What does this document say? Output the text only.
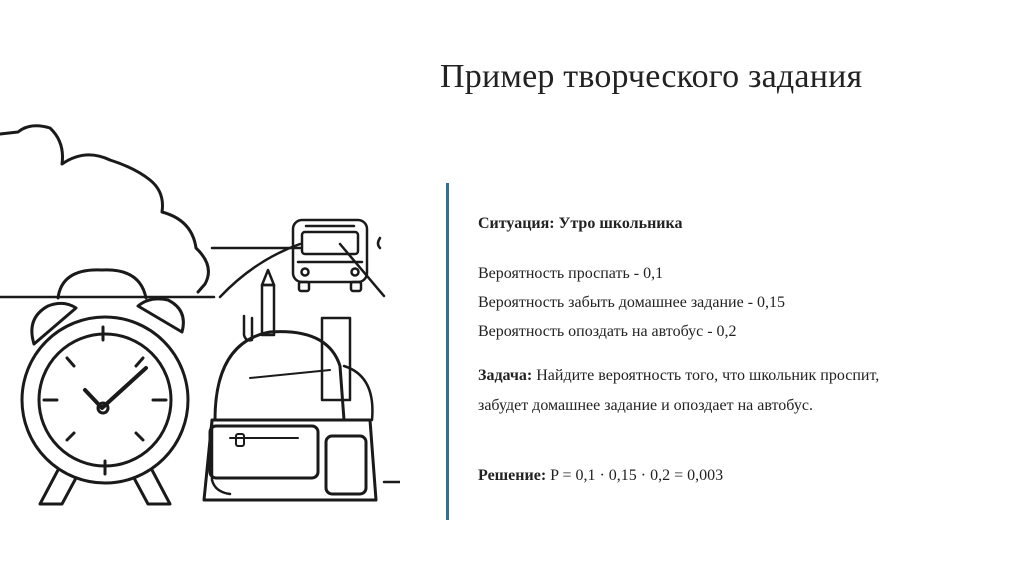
Пример творческого задания
Ситуация: Утро школьника
Вероятность проспать - 0,1
Вероятность забыть домашнее задание - 0,15
Вероятность опоздать на автобус - 0,2
Задача: Найдите вероятность того, что школьник проспит,
забудет домашнее задание и опоздает на автобус.
Решение: P = 0,1 · 0,15 · 0,2 = 0,003
